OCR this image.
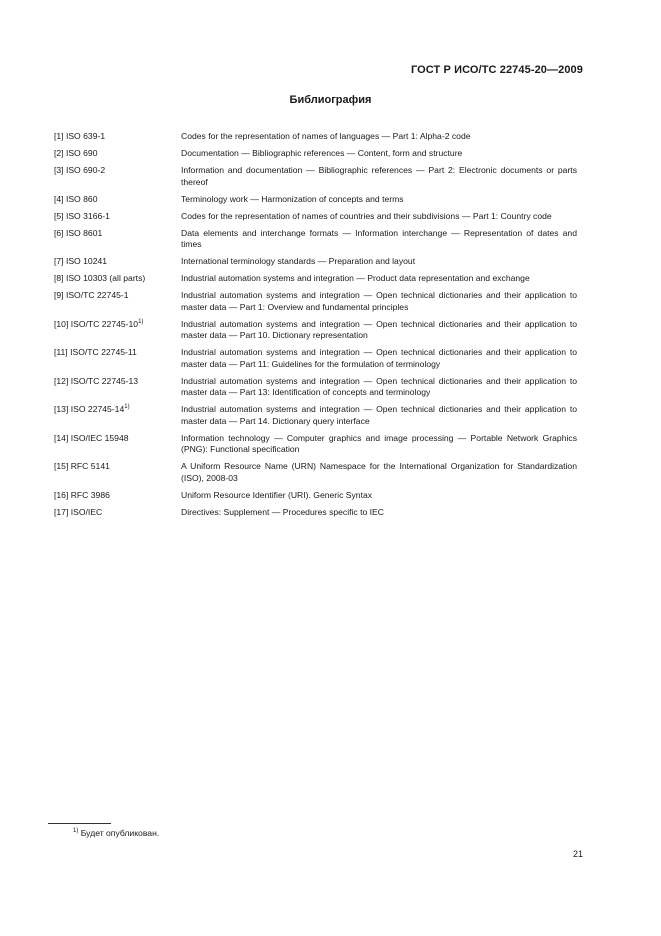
ГОСТ Р ИСО/ТС 22745-20—2009
Библиография
[1] ISO 639-1	Codes for the representation of names of languages — Part 1: Alpha-2 code
[2] ISO 690	Documentation — Bibliographic references — Content, form and structure
[3] ISO 690-2	Information and documentation — Bibliographic references — Part 2: Electronic documents or parts thereof
[4] ISO 860	Terminology work — Harmonization of concepts and terms
[5] ISO 3166-1	Codes for the representation of names of countries and their subdivisions — Part 1: Country code
[6] ISO 8601	Data elements and interchange formats — Information interchange — Representation of dates and times
[7] ISO 10241	International terminology standards — Preparation and layout
[8] ISO 10303 (all parts)	Industrial automation systems and integration — Product data representation and exchange
[9] ISO/TC 22745-1	Industrial automation systems and integration — Open technical dictionaries and their application to master data — Part 1: Overview and fundamental principles
[10] ISO/TC 22745-10$^{1)}$	Industrial automation systems and integration — Open technical dictionaries and their application to master data — Part 10. Dictionary representation
[11] ISO/TC 22745-11	Industrial automation systems and integration — Open technical dictionaries and their application to master data — Part 11: Guidelines for the formulation of terminology
[12] ISO/TC 22745-13	Industrial automation systems and integration — Open technical dictionaries and their application to master data — Part 13: Identification of concepts and terminology
[13] ISO 22745-14$^{1)}$	Industrial automation systems and integration — Open technical dictionaries and their application to master data — Part 14. Dictionary query interface
[14] ISO/IEC 15948	Information technology — Computer graphics and image processing — Portable Network Graphics (PNG): Functional specification
[15] RFC 5141	A Uniform Resource Name (URN) Namespace for the International Organization for Standardization (ISO), 2008-03
[16] RFC 3986	Uniform Resource Identifier (URI). Generic Syntax
[17] ISO/IEC	Directives: Supplement — Procedures specific to IEC
$^{1)}$ Будет опубликован.
21
